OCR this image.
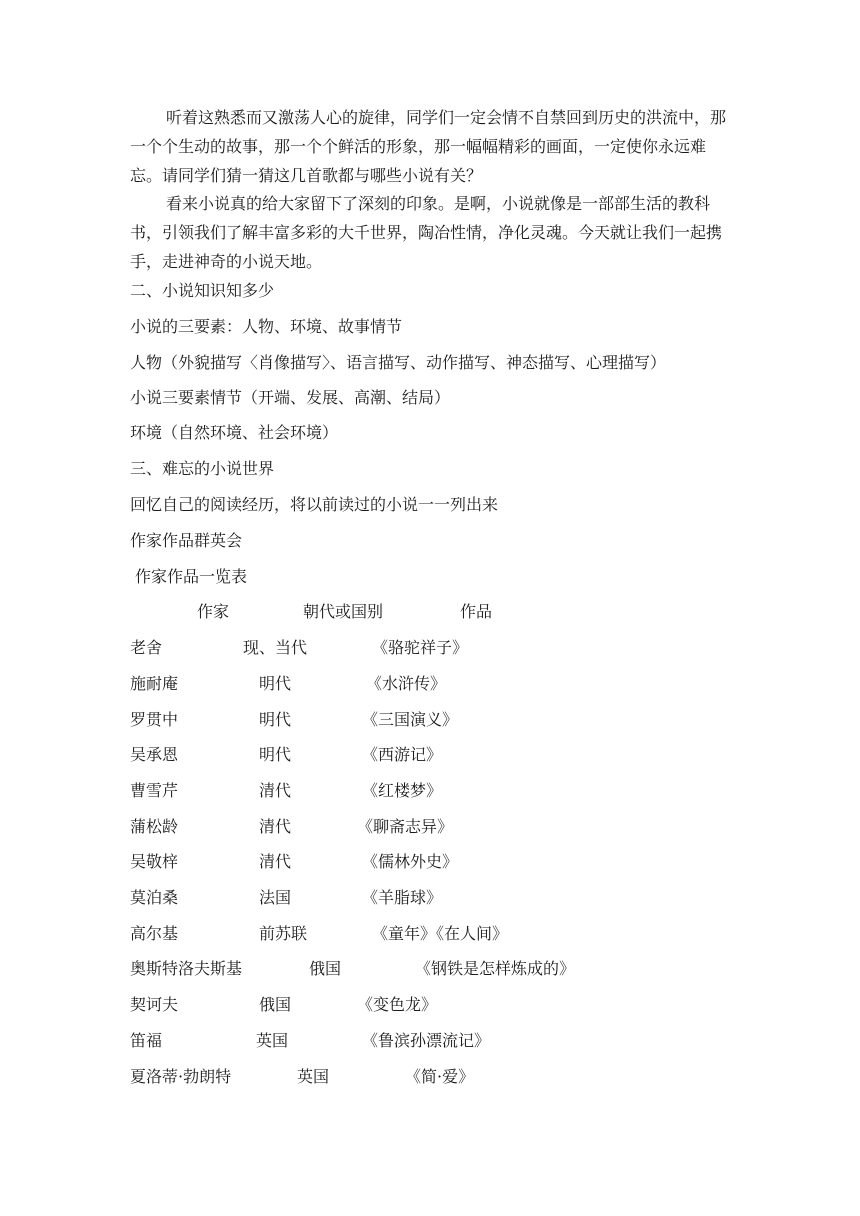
听着这熟悉而又激荡人心的旋律，同学们一定会情不自禁回到历史的洪流中，那一个个生动的故事，那一个个鲜活的形象，那一幅幅精彩的画面，一定使你永远难忘。请同学们猜一猜这几首歌都与哪些小说有关？

看来小说真的给大家留下了深刻的印象。是啊，小说就像是一部部生活的教科书，引领我们了解丰富多彩的大千世界，陶冶性情，净化灵魂。今天就让我们一起携手，走进神奇的小说天地。

二、小说知识知多少

小说的三要素：人物、环境、故事情节

人物（外貌描写〈肖像描写〉、语言描写、动作描写、神态描写、心理描写）

小说三要素情节（开端、发展、高潮、结局）

环境（自然环境、社会环境）

三、难忘的小说世界

回忆自己的阅读经历，将以前读过的小说一一列出来

作家作品群英会

作家作品一览表

作家	朝代或国别	作品
老舍	现、当代	《骆驼祥子》
施耐庵	明代	《水浒传》
罗贯中	明代	《三国演义》
吴承恩	明代	《西游记》
曹雪芹	清代	《红楼梦》
蒲松龄	清代	《聊斋志异》
吴敬梓	清代	《儒林外史》
莫泊桑	法国	《羊脂球》
高尔基	前苏联	《童年》《在人间》
奥斯特洛夫斯基	俄国	《钢铁是怎样炼成的》
契诃夫	俄国	《变色龙》
笛福	英国	《鲁滨孙漂流记》
夏洛蒂·勃朗特	英国	《简·爱》
